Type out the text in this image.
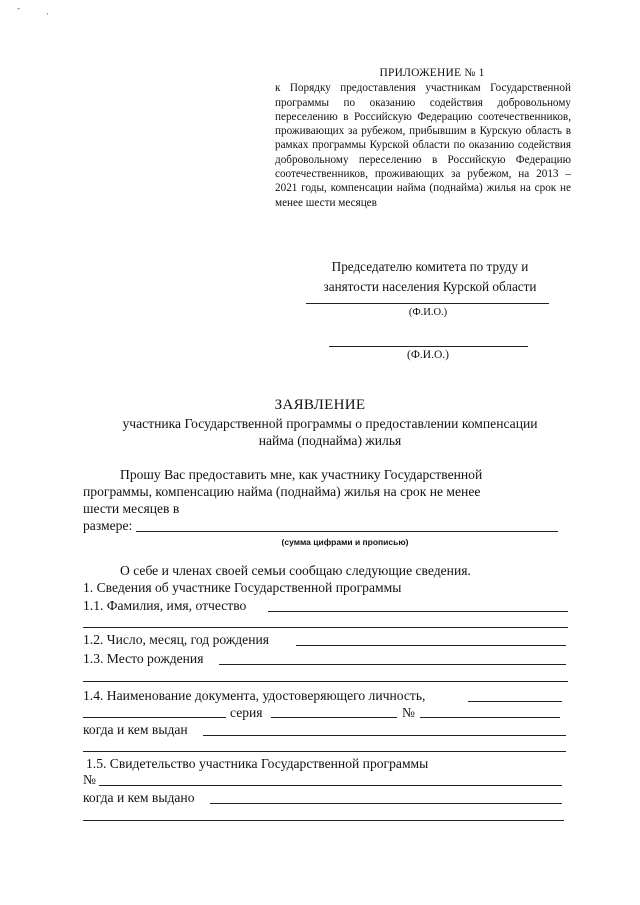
-
·
ПРИЛОЖЕНИЕ № 1
к Порядку предоставления участникам Государственной программы по оказанию содействия добровольному переселению в Российскую Федерацию соотечественников, проживающих за рубежом, прибывшим в Курскую область в рамках программы Курской области по оказанию содействия добровольному переселению в Российскую Федерацию соотечественников, проживающих за рубежом, на 2013 – 2021 годы, компенсации найма (поднайма) жилья на срок не менее шести месяцев
Председателю комитета по труду и
занятости населения Курской области
(Ф.И.О.)
(Ф.И.О.)
ЗАЯВЛЕНИЕ
участника Государственной программы о предоставлении компенсации
найма (поднайма) жилья
Прошу Вас предоставить мне, как участнику Государственной
программы, компенсацию найма (поднайма) жилья на срок не менее
шести месяцев в
размере:
(сумма цифрами и прописью)
О себе и членах своей семьи сообщаю следующие сведения.
1. Сведения об участнике Государственной программы
1.1. Фамилия, имя, отчество
1.2. Число, месяц, год рождения
1.3. Место рождения
1.4. Наименование документа, удостоверяющего личность,
серия	№
когда и кем выдан
1.5. Свидетельство участника Государственной программы
№
когда и кем выдано
